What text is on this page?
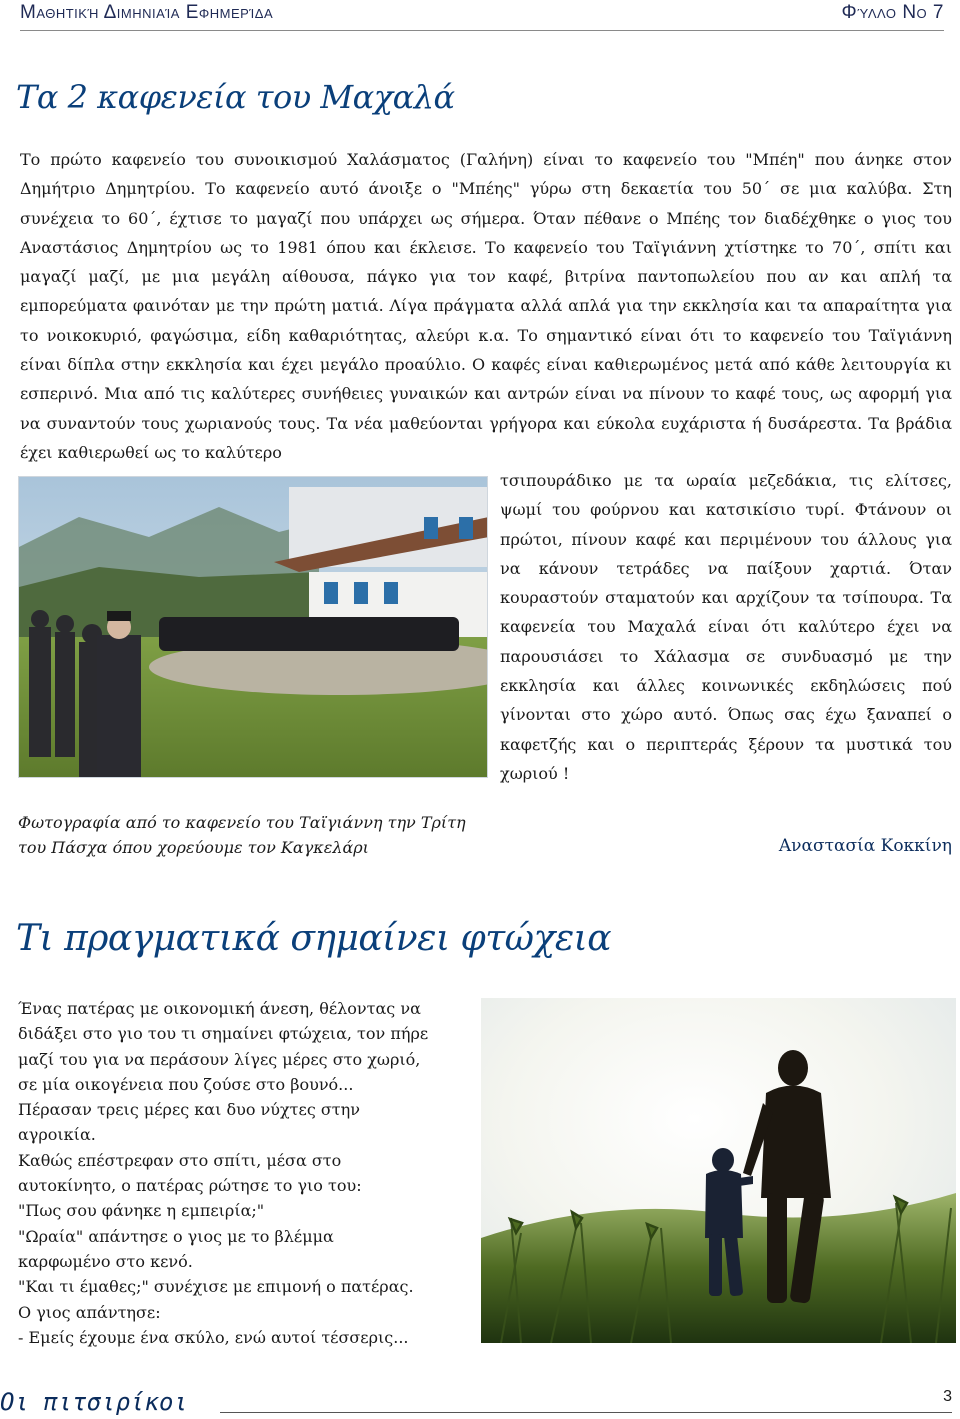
Μαθητική Διμηνιαία Εφημερίδα	Φύλλο Νο 7
Τα 2 καφενεία του Μαχαλά

Το πρώτο καφενείο του συνοικισμού Χαλάσματος (Γαλήνη) είναι το καφενείο του "Μπέη" που άνηκε στον Δημήτριο Δημητρίου. Το καφενείο αυτό άνοιξε ο "Μπέης" γύρω στη δεκαετία του 50΄ σε μια καλύβα. Στη συνέχεια το 60΄, έχτισε το μαγαζί που υπάρχει ως σήμερα. Όταν πέθανε ο Μπέης τον διαδέχθηκε ο γιος του Αναστάσιος Δημητρίου ως το 1981 όπου και έκλεισε. Το καφενείο του Ταϊγιάννη χτίστηκε το 70΄, σπίτι και μαγαζί μαζί, με μια μεγάλη αίθουσα, πάγκο για τον καφέ, βιτρίνα παντοπωλείου που αν και απλή τα εμπορεύματα φαινόταν με την πρώτη ματιά. Λίγα πράγματα αλλά απλά για την εκκλησία και τα απαραίτητα για το νοικοκυριό, φαγώσιμα, είδη καθαριότητας, αλεύρι κ.α. Το σημαντικό είναι ότι το καφενείο του Ταϊγιάννη είναι δίπλα στην εκκλησία και έχει μεγάλο προαύλιο. Ο καφές είναι καθιερωμένος μετά από κάθε λειτουργία κι εσπερινό. Μια από τις καλύτερες συνήθειες γυναικών και αντρών είναι να πίνουν το καφέ τους, ως αφορμή για να συναντούν τους χωριανούς τους. Τα νέα μαθεύονται γρήγορα και εύκολα ευχάριστα ή δυσάρεστα. Τα βράδια έχει καθιερωθεί ως το καλύτερο

τσιπουράδικο με τα ωραία μεζεδάκια, τις ελίτσες, ψωμί του φούρνου και κατσικίσιο τυρί. Φτάνουν οι πρώτοι, πίνουν καφέ και περιμένουν του άλλους για να κάνουν τετράδες να παίξουν χαρτιά. Όταν κουραστούν σταματούν και αρχίζουν τα τσίπουρα. Τα καφενεία του Μαχαλά είναι ότι καλύτερο έχει να παρουσιάσει το Χάλασμα σε συνδυασμό με την εκκλησία και άλλες κοινωνικές εκδηλώσεις πού γίνονται στο χώρο αυτό. Όπως σας έχω ξαναπεί ο καφετζής και ο περιπτεράς ξέρουν τα μυστικά του χωριού !

Φωτογραφία από το καφενείο του Ταϊγιάννη την Τρίτη του Πάσχα όπου χορεύουμε τον Καγκελάρι	Αναστασία Κοκκίνη

Τι πραγματικά σημαίνει φτώχεια
Ένας πατέρας με οικονομική άνεση, θέλοντας να
διδάξει στο γιο του τι σημαίνει φτώχεια, τον πήρε
μαζί του για να περάσουν λίγες μέρες στο χωριό,
σε μία οικογένεια που ζούσε στο βουνό...
Πέρασαν τρεις μέρες και δυο νύχτες στην
αγροικία.
Καθώς επέστρεφαν στο σπίτι, μέσα στο
αυτοκίνητο, ο πατέρας ρώτησε το γιο του:
"Πως σου φάνηκε η εμπειρία;"
"Ωραία" απάντησε ο γιος με το βλέμμα
καρφωμένο στο κενό.
"Και τι έμαθες;" συνέχισε με επιμονή ο πατέρας.
Ο γιος απάντησε:
- Εμείς έχουμε ένα σκύλο, ενώ αυτοί τέσσερις...
Οι πιτσιρίκοι	3
